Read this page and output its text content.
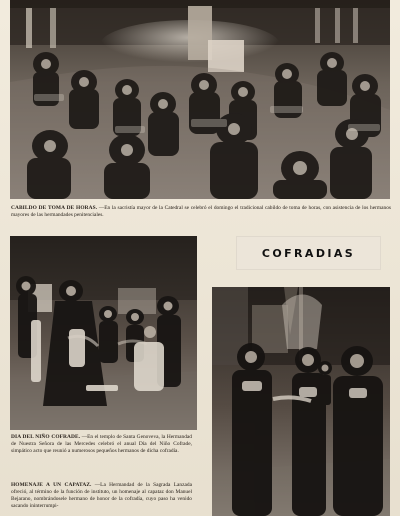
CABILDO DE TOMA DE HORAS. —En la sacristía mayor de la Catedral se celebró el domingo el tradicional cabildo de toma de horas, con asistencia de los hermanos mayores de las hermandades penitenciales.
DIA DEL NIÑO COFRADE. —En el templo de Santa Genoveva, la Hermandad de Nuestra Señora de las Mercedes celebró el anual Día del Niño Cofrade, simpático acto que reunió a numerosos pequeños hermanos de dicha cofradía.
HOMENAJE A UN CAPATAZ. —La Hermandad de la Sagrada Lanzada ofreció, al término de la función de instituto, un homenaje al capataz don Manuel Bejarano, nombrándosele hermano de honor de la cofradía, cuyo paso ha venido sacando ininterrumpi-
COFRADIAS
